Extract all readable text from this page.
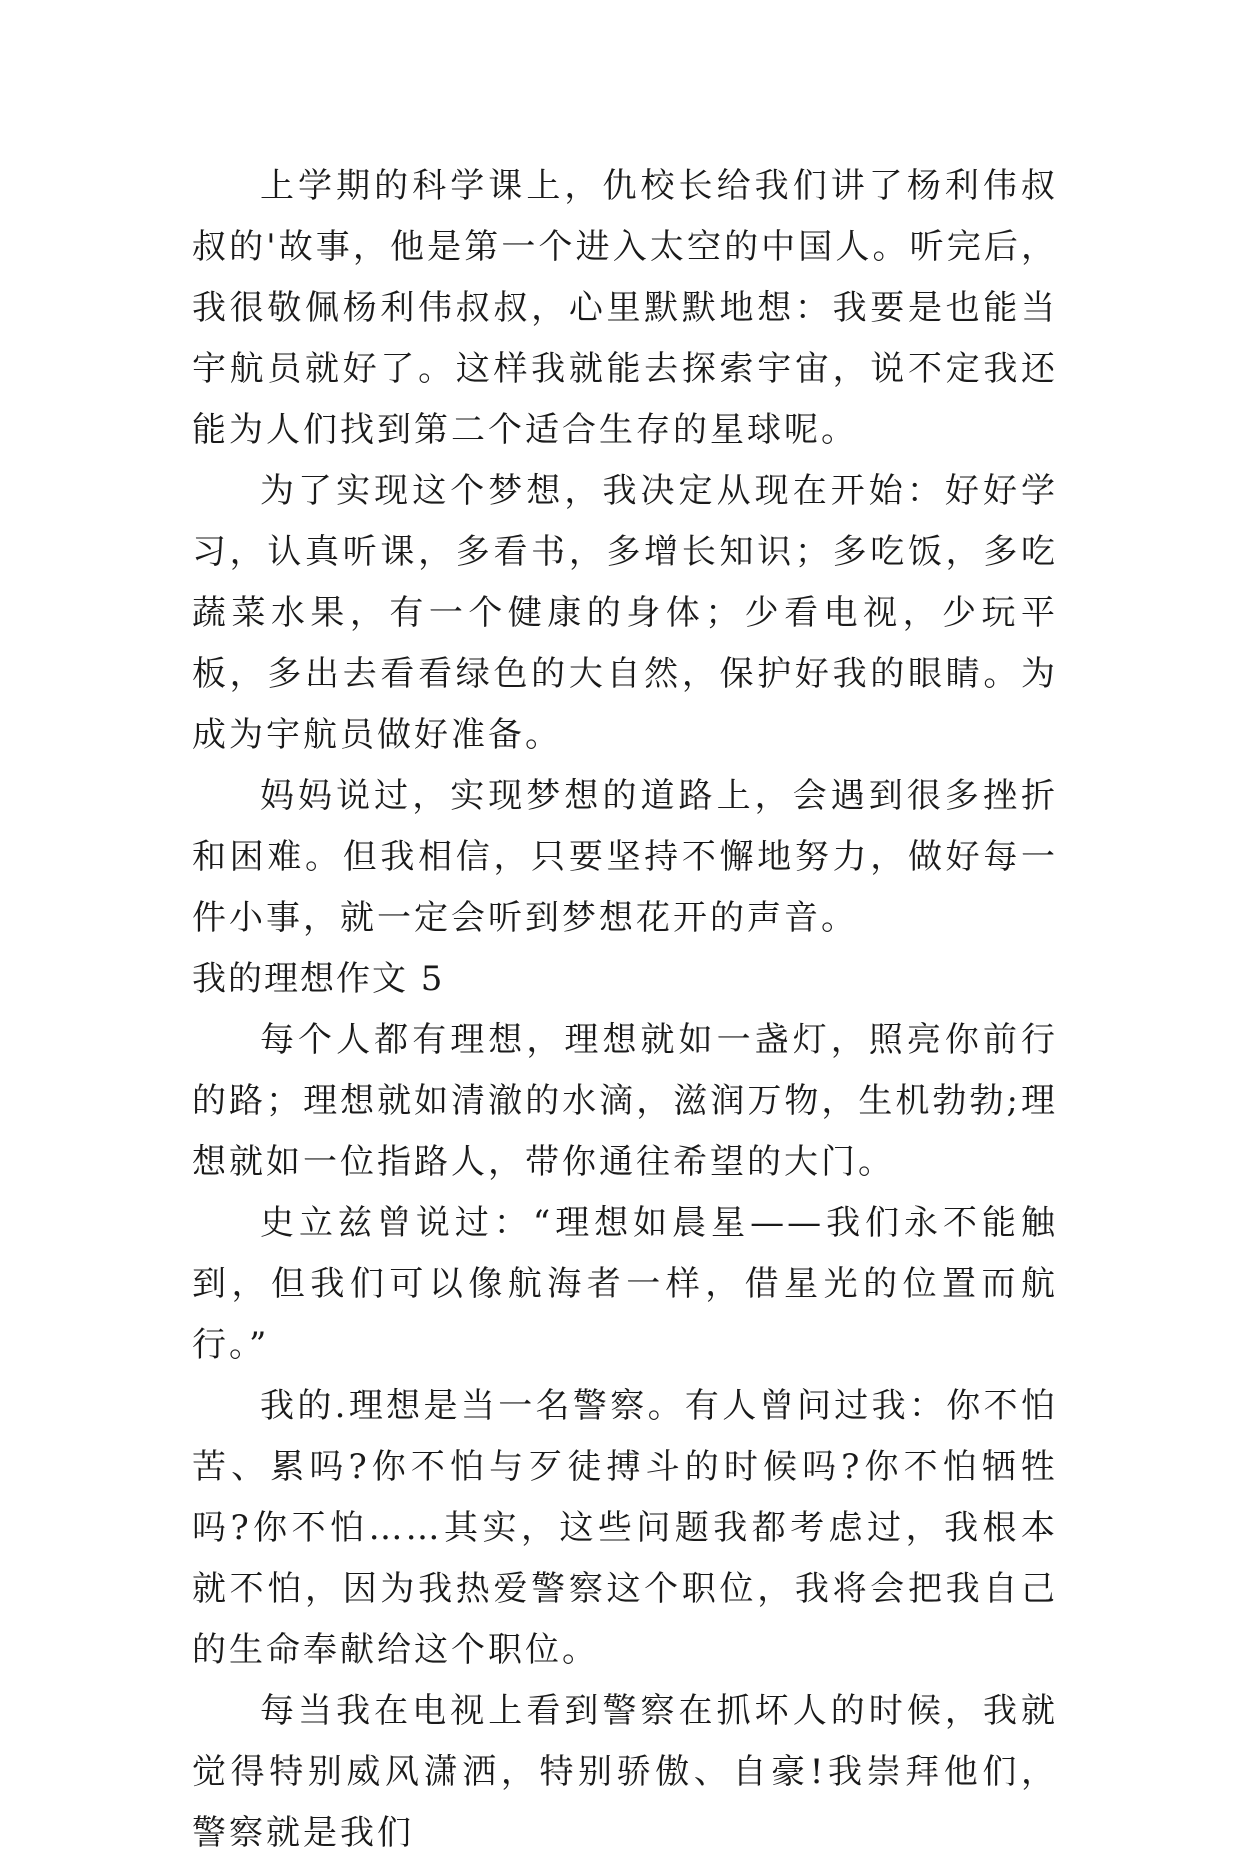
上学期的科学课上，仇校长给我们讲了杨利伟叔叔的'故事，他是第一个进入太空的中国人。听完后，我很敬佩杨利伟叔叔，心里默默地想：我要是也能当宇航员就好了。这样我就能去探索宇宙，说不定我还能为人们找到第二个适合生存的星球呢。

为了实现这个梦想，我决定从现在开始：好好学习，认真听课，多看书，多增长知识；多吃饭，多吃蔬菜水果，有一个健康的身体；少看电视，少玩平板，多出去看看绿色的大自然，保护好我的眼睛。为成为宇航员做好准备。

妈妈说过，实现梦想的道路上，会遇到很多挫折和困难。但我相信，只要坚持不懈地努力，做好每一件小事，就一定会听到梦想花开的声音。

我的理想作文 5

每个人都有理想，理想就如一盏灯，照亮你前行的路；理想就如清澈的水滴，滋润万物，生机勃勃;理想就如一位指路人，带你通往希望的大门。

史立兹曾说过：“理想如晨星——我们永不能触到，但我们可以像航海者一样，借星光的位置而航行。”

我的.理想是当一名警察。有人曾问过我：你不怕苦、累吗?你不怕与歹徒搏斗的时候吗?你不怕牺牲吗?你不怕……其实，这些问题我都考虑过，我根本就不怕，因为我热爱警察这个职位，我将会把我自己的生命奉献给这个职位。

每当我在电视上看到警察在抓坏人的时候，我就觉得特别威风潇洒，特别骄傲、自豪!我崇拜他们，警察就是我们
